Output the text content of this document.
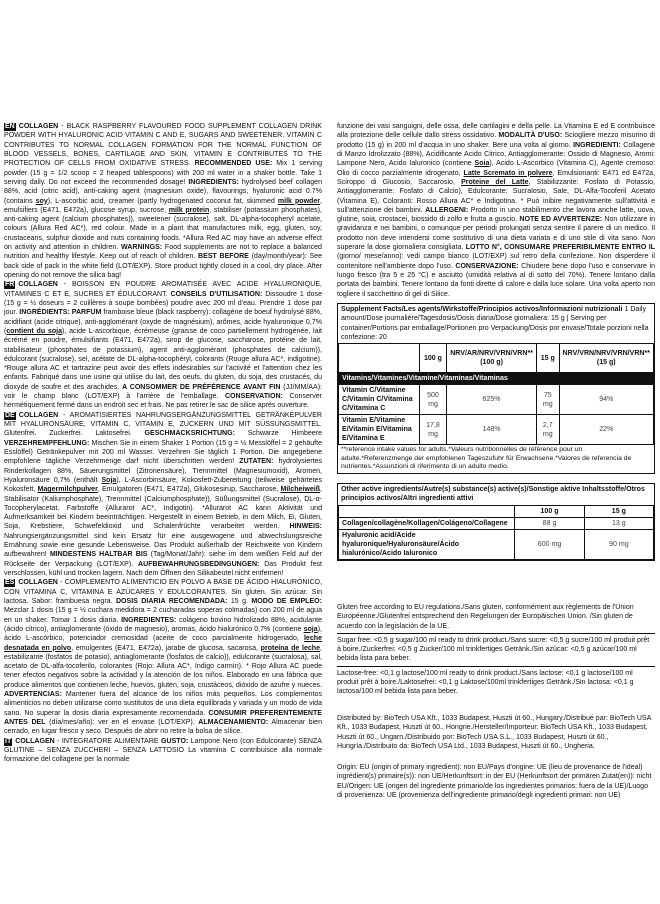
EN COLLAGEN - BLACK RASPBERRY FLAVOURED FOOD SUPPLEMENT COLLAGEN DRINK POWDER WITH HYALURONIC ACID VITAMIN C AND E, SUGARS AND SWEETENER. VITAMIN C CONTRIBUTES TO NORMAL COLLAGEN FORMATION FOR THE NORMAL FUNCTION OF BLOOD VESSELS, BONES, CARTILAGE AND SKIN. VITAMIN E CONTRIBUTES TO THE PROTECTION OF CELLS FROM OXIDATIVE STRESS. RECOMMENDED USE: Mix 1 serving powder (15 g = 1/2 scoop = 2 heaped tablespoons) with 200 ml water in a shaker bottle. Take 1 serving daily. Do not exceed the recommended dosage! INGREDIENTS: hydrolysed beef collagen 88%, acid (citric acid), anti-caking agent (magnesium oxide), flavourings, hyaluronic acid 0.7% (contains soy), L-ascorbic acid, creamer (partly hydrogenated coconut fat, skimmed milk powder, emulsifiers (E471, E472a), glucose syrup, sucrose, milk protein, stabiliser (potassium phosphates), anti-caking agent (calcium phosphates)), sweetener (sucralose), salt, DL-alpha-tocopheryl acetate, colours (Allura Red AC*), red colour. Made in a plant that manufactures milk, egg, gluten, soy, crustaceans, sulphur dioxide and nuts containing foods. *Allura Red AC may have an adverse effect on activity and attention in children. WARNINGS: Food supplements are not to replace a balanced nutrition and healthy lifestyle. Keep out of reach of children. BEST BEFORE (day/month/year): See back side of pack in the white field (LOT/EXP). Store product tightly closed in a cool, dry place. After opening do not remove the silica bag!
FR COLLAGEN - BOISSON EN POUDRE AROMATISÉE AVEC ACIDE HYALURONIQUE, VITAMINES C ET E, SUCRES ET ÉDULCORANT. CONSEILS D'UTILISATION: Dissoudre 1 dose (15 g = ½ doseurs = 2 cuillères à soupe bombées) poudre avec 200 ml d'eau. Prendre 1 dose par jour. INGRÉDIENTS: PARFUM framboise bleue (black raspberry): collagène de boeuf hydrolysé 88%, acidifiant (acide citrique), anti-agglomérant (oxyde de magnésium), arômes, acide hyaluronique 0,7% (contient du soja), acide L-ascorbique, écrémeuse (graisse de coco partiellement hydrogénée, lait écrémé en poudre, émulsifiants (E471, E472a), sirop de glucose, saccharose, protéine de lait, stabilisateur (phosphates de potassium), agent anti-agglomérant (phosphates de calcium)), édulcorant (sucralose), sel, acétate de DL-alpha-tocophéryl, colorants (Rouge allura AC*, indigotine). *Rouge allura AC et tartrazine peut avoir des effets indésirables sur l'activité et l'attention chez les enfants. Fabriqué dans une usine qui utilise du lait, des oeufs, du gluten, du soja, des crustacés, du dioxyde de soufre et des arachides. A CONSOMMER DE PRÉFÉRENCE AVANT FIN (JJ/MM/AA): voir le champ blanc (LOT/EXP) à l'arrière de l'emballage. CONSERVATION: Conserver hermétiquement fermé dans un endroit sec et frais. Ne pas retirer le sac de silice après ouverture.
DE COLLAGEN - AROMATISIERTES NAHRUNGSERGÄNZUNGSMITTEL GETRÄNKEPULVER MIT HYALURONSÄURE, VITAMIN C, VITAMIN E, ZUCKERN UND MIT SÜSSUNGSMITTEL. Glutenfrei. Zuckerfrei. Laktosefrei. GESCHMACKSRICHTUNG: Schwarze Himbeere VERZEHREMPFEHLUNG: Mischen Sie in einem Shaker 1 Portion (15 g = ½ Messlöffel = 2 gehäufte Esslöffel) Getränkepulver mit 200 ml Wasser. Verzehren Sie täglich 1 Portion. Die angegebene empfohlene tägliche Verzehrmenge darf nicht überschritten werden! ZUTATEN: hydrolysiertes Rinderkollagen 88%, Säuerungsmittel (Zitronensäure), Trennmittel (Magnesiumoxid), Aromen, Hyaluronsäure 0,7% (enthält Soja), L-Ascorbinsäure, Kokosfett-Zubereitung (teilweise gehärtetes Kokosfett, Magermilchpulver, Emulgatoren (E471, E472a), Glukosesirup, Saccharose, Milcheiweiß, Stabilisator (Kaliumphosphate), Trennmittel (Calciumphosphate)), Süßungsmittel (Sucralose), DL-α-Tocopherylacetat, Farbstoffe (Allurarot AC*, Indigotin). *Allurarot AC kann Aktivität und Aufmerksamkeit bei Kindern beeinträchtigen. Hergestellt in einem Betrieb, in dem Milch, Ei, Gluten, Soja, Krebstiere, Schwefeldioxid und Schalenfrüchte verarbeitet werden. HINWEIS: Nahrungsergänzungsmittel sind kein Ersatz für eine ausgewogene und abwechslungsreiche Ernährung sowie eine gesunde Lebensweise. Das Produkt außerhalb der Reichweite von Kindern aufbewahren! MINDESTENS HALTBAR BIS (Tag/Monat/Jahr): siehe im dem weißen Feld auf der Rückseite der Verpackung (LOT/EXP). AUFBEWAHRUNGSBEDINGUNGEN: Das Produkt fest verschlossen, kühl und trocken lagern. Nach dem Öffnen den Silikabeutel nicht entfernen!
ES COLLAGEN - COMPLEMENTO ALIMENTICIO EN POLVO A BASE DE ÁCIDO HIALURÓNICO, CON VITAMINA C, VITAMINA E AZÚCARES Y EDULCORANTES. Sin gluten. Sin azúcar. Sin lactosa. Sabor: frambuesa negra. DOSIS DIARIA RECOMENDADA: 15 g. MODO DE EMPLEO: Mezclar 1 dosis (15 g = ½ cuchara medidora = 2 cucharadas soperas colmadas) con 200 ml de agua en un shaker. Tomar 1 dosis diaria. INGREDIENTES: colágeno bovino hidrolizado 88%, acidulante (ácido cítrico), antiaglomerante (óxido de magnesio), aromas, ácido hialurónico 0,7% (contiene soja), ácido L-ascórbico, potenciador cremosidad (aceite de coco parcialmente hidrogenado, leche desnatada en polvo, emulgentes (E471, E472a), jarabe de glucosa, sacarosa, proteína de leche, estabilizante (fosfatos de potasio), antiaglomerante (fosfatos de calcio)), edulcorante (sucralosa), sal, acetato de DL-alfa-tocoferilo, colorantes (Rojo: Allura AC*, índigo carmín). * Rojo Allura AC puede tener efectos negativos sobre la actividad y la atención de los niños. Elaborado en una fábrica que produce alimentos que contienen leche, huevos, gluten, soja, crustáceos, dióxido de azufre y nueces. ADVERTENCIAS: Mantener fuera del alcance de los niños más pequeños. Los complementos alimenticios no deben utilizarse como sustitutos de una dieta equilibrada y variada y un modo de vida sano. No superar la dosis diaria expresamente recomendada. CONSUMIR PREFERENTEMENTE ANTES DEL (día/mes/año): ver en el envase (LOT/EXP). ALMACENAMIENTO: Almacenar bien cerrado, en lugar fresco y seco. Después de abrir no retire la bolsa de sílice.
IT COLLAGEN - INTEGRATORE ALIMENTARE GUSTO: Lampone Nero (con Edulcorante) SENZA GLUTINE – SENZA ZUCCHERI – SENZA LATTOSIO La vitamina C contribuisce alla normale formazione del collagene per la normale
funzione dei vasi sanguigni, delle ossa, delle cartilagini e della pelle. La Vitamina E ed E contribuisce alla protezione delle cellule dallo stress ossidativo. MODALITÀ D'USO: Sciogliere mezzo misurino di prodotto (15 g) in 200 ml d'acqua in uno shaker. Bere una volta al giorno. INGREDIENTI: Collagene di Manzo Idrolizzato (88%), Acidificante Acido Citrico, Antiagglomerante: Ossido di Magnesio, Aromi: Lampone Nero, Acido Ialuronico (contiene Soia), Acido L-Ascorbico (Vitamina C), Agente cremoso: Olio di cocco parzialmente idrogenato, Latte Scremato in polvere, Emulsionanti: E471 ed E472a, Sciroppo di Glucosio, Saccarosio, Proteine del Latte, Stabilizzante: Fosfato di Potassio, Antiagglomerante: Fosfato di Calcio), Edulcorante: Sucralosio, Sale, DL-Alfa-Tocoferil Acetato (Vitamina E), Coloranti: Rosso Allura AC* e Indigotina. * Può inibire negativamente sull'attività e sull'attenzione dei bambini. ALLERGENI: Prodotto in uno stabilimento che lavora anche latte, uova, glutine, soia, crostacei, biossido di zolfo e frutta a guscio. NOTE ED AVVERTENZE: Non utilizzare in gravidanza e nei bambini, o comunque per periodi prolungati senza sentire il parere di un medico. Il prodotto non deve intendersi come sostitutivo di una dieta variata e di uno stile di vita sano. Non superare la dose giornaliera consigliata. LOTTO N°, CONSUMARE PREFERIBILMENTE ENTRO IL (giorno/ mese/anno): vedi campo bianco (LOT/EXP) sul retro della confezione. Non disperdere il contenitore nell'ambiente dopo l'uso. CONSERVAZIONE: Chiudere bene dopo l'uso e conservare in luogo fresco (tra 5 e 25 °C) e asciutto (umidità relativa al di sotto del 70%). Tenere lontano dalla portata dei bambini. Tenere lontano da fonti dirette di calore e dalla luce solare. Una volta aperto non togliere il sacchettino di gel di Silice.
Supplement Facts/Les agents/Wirkstoffe/Principios activos/Informazioni nutrizionali 1 Daily amount/Dose journalière/Tagesdosis/Dosis diaria/Dose giornaliera: 15 g | Serving per container/Portions par emballage/Portionen pro Verpackung/Dosis por envase/Totale porzioni nella confezione: 20
	100 g	NRV/AR/NRV/VRN/VRN** (100 g)	15 g	NRV/VRN/NRV/VRN/VRN** (15 g)
Vitamins/Vitamines/Vitamine/Vitaminas/Vitaminas				
Vitamin C/Vitamine C/Vitamin C/Vitamina C/Vitamina C	500 mg	625%	75 mg	94%
Vitamin E/Vitamine E/Vitamin E/Vitamina E/Vitamina E	17,8 mg	148%	2,7 mg	22%
**reference intake values for adults.*Valeurs nutritionnelles de référence pour un adulte.*Referenzmenge der empfohlenen Tageszufuhr für Erwachsene.*Valores de referencia de nutrientes.*Assunzioni di riferimento di un adulto medio.
Other active ingredients/Autre(s) substance(s) active(s)/Sonstige aktive Inhaltsstoffe/Otros principios activos/Altri ingredienti attivi
	100 g	15 g
Collagen/collagène/Kollagen/Colágeno/Collagene	88 g	13 g
Hyaluronic acid/Acide hyaluronique/Hyaluronsäure/Ácido hialurónico/Acido Ialuronico	600 mg	90 mg
Gluten free according to EU regulations./Sans gluten, conformément aux règlements de l'Union Européenne./Glutenfrei entsprechend den Regelungen der Europäischen Union. /Sin gluten de acuerdo con la legislación de la UE.
Sugar free: <0,5 g sugar/100 ml ready to drink product./Sans sucre: <0,5 g sucre/100 ml produit prêt à boire./Zuckerfrei: <0,5 g Zucker/100 ml trinkfertiges Getränk./Sin azúcar: <0,5 g azúcar/100 ml bebida lista para beber.
Lactose-free: <0,1 g lactose/100 ml ready to drink product./Sans lactose: <0,1 g lactose/100 ml produit prêt à boire./Laktosefrei: <0,1 g Laktose/100ml trinkfertiges Getränk./Sin lactosa: <0,1 g lactosa/100 ml bebida lista para beber.
Distributed by: BioTech USA Kft., 1033 Budapest, Huszti út 60., Hungary./Distribué par: BioTech USA Kft., 1033 Budapest, Huszti út 60., Hongrie./Hersteller/Importeur: BioTech USA Kft., 1033 Budapest, Huszti út 60., Ungarn./Distribuido por: BioTech USA S.L., 1033 Budapest, Huszti út 60., Hungría./Distribuito da: BioTech USA Ltd., 1033 Budapest, Huszti út 60., Ungheria.
Origin: EU (origin of primary ingredient): non EU/Pays d'origine: UE (lieu de provenance de l'ideal) ingrédient(s) primaire(s)): non UE/Herkunftsort: in der EU (Herkunftsort der primären Zutat(en)): nicht EU/Origen: UE (origen del ingrediente primario/de los ingredientes primarios: fuera de la UE)/Luogo di provenienza: UE (provenienza dell'ingrediente primario/degli ingredienti primari: non UE)
